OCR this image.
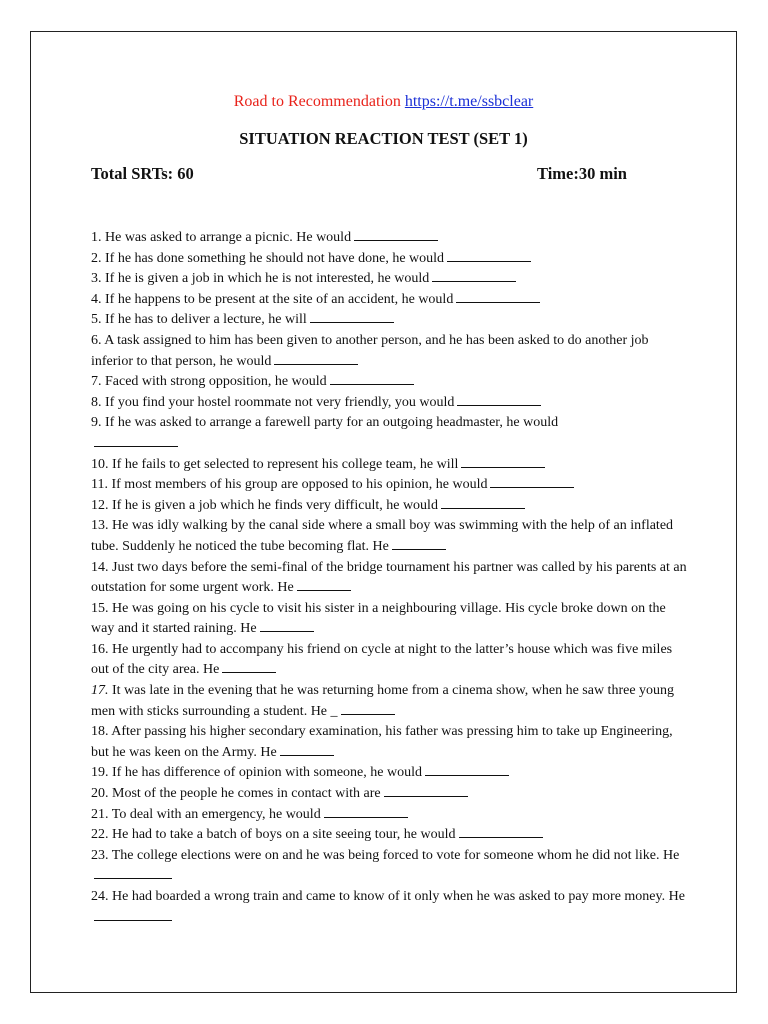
Road to Recommendation https://t.me/ssbclear
SITUATION REACTION TEST (SET 1)
Total SRTs: 60	Time:30 min

1. He was asked to arrange a picnic. He would

2. If he has done something he should not have done, he would

3. If he is given a job in which he is not interested, he would

4. If he happens to be present at the site of an accident, he would

5. If he has to deliver a lecture, he will

6. A task assigned to him has been given to another person, and he has been asked to do another job inferior to that person, he would

7. Faced with strong opposition, he would

8. If you find your hostel roommate not very friendly, you would

9. If he was asked to arrange a farewell party for an outgoing headmaster, he would

10. If he fails to get selected to represent his college team, he will

11. If most members of his group are opposed to his opinion, he would

12. If he is given a job which he finds very difficult, he would

13. He was idly walking by the canal side where a small boy was swimming with the help of an inflated tube. Suddenly he noticed the tube becoming flat. He

14. Just two days before the semi-final of the bridge tournament his partner was called by his parents at an outstation for some urgent work. He

15. He was going on his cycle to visit his sister in a neighbouring village. His cycle broke down on the way and it started raining. He

16. He urgently had to accompany his friend on cycle at night to the latter’s house which was five miles out of the city area. He

17. It was late in the evening that he was returning home from a cinema show, when he saw three young men with sticks surrounding a student. He _

18. After passing his higher secondary examination, his father was pressing him to take up Engineering, but he was keen on the Army. He

19. If he has difference of opinion with someone, he would

20. Most of the people he comes in contact with are

21. To deal with an emergency, he would

22. He had to take a batch of boys on a site seeing tour, he would

23. The college elections were on and he was being forced to vote for someone whom he did not like. He

24. He had boarded a wrong train and came to know of it only when he was asked to pay more money. He
